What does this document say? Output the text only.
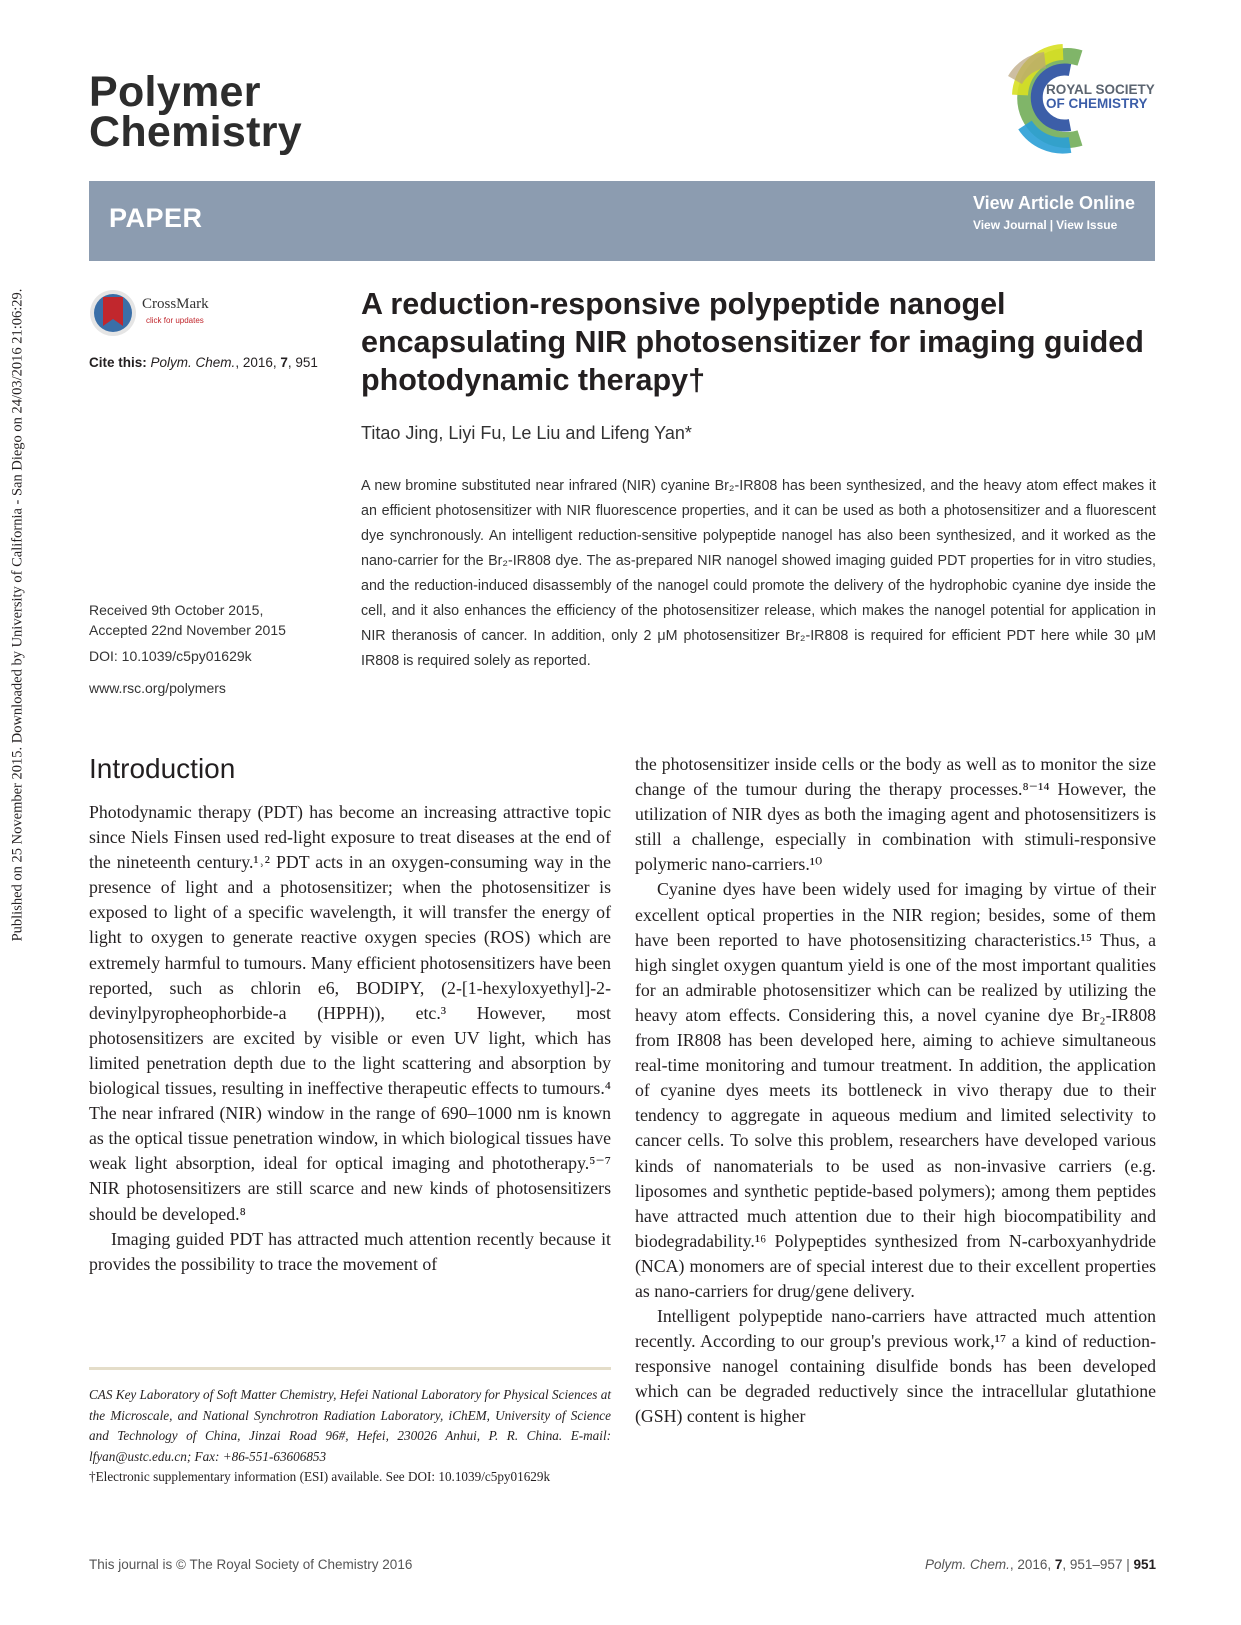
Published on 25 November 2015. Downloaded by University of California - San Diego on 24/03/2016 21:06:29.
Polymer
Chemistry
ROYAL SOCIETY
OF CHEMISTRY
PAPER	View Article Online
View Journal | View Issue
CrossMark
click for updates
Cite this: Polym. Chem., 2016, 7, 951
A reduction-responsive polypeptide nanogel encapsulating NIR photosensitizer for imaging guided photodynamic therapy†
Titao Jing, Liyi Fu, Le Liu and Lifeng Yan*
A new bromine substituted near infrared (NIR) cyanine Br₂-IR808 has been synthesized, and the heavy atom effect makes it an efficient photosensitizer with NIR fluorescence properties, and it can be used as both a photosensitizer and a fluorescent dye synchronously. An intelligent reduction-sensitive polypeptide nanogel has also been synthesized, and it worked as the nano-carrier for the Br₂-IR808 dye. The as-prepared NIR nanogel showed imaging guided PDT properties for in vitro studies, and the reduction-induced disassembly of the nanogel could promote the delivery of the hydrophobic cyanine dye inside the cell, and it also enhances the efficiency of the photosensitizer release, which makes the nanogel potential for application in NIR theranosis of cancer. In addition, only 2 μM photosensitizer Br₂-IR808 is required for efficient PDT here while 30 μM IR808 is required solely as reported.
Received 9th October 2015,
Accepted 22nd November 2015
DOI: 10.1039/c5py01629k
www.rsc.org/polymers
Introduction

Photodynamic therapy (PDT) has become an increasing attractive topic since Niels Finsen used red-light exposure to treat diseases at the end of the nineteenth century.¹˒² PDT acts in an oxygen-consuming way in the presence of light and a photosensitizer; when the photosensitizer is exposed to light of a specific wavelength, it will transfer the energy of light to oxygen to generate reactive oxygen species (ROS) which are extremely harmful to tumours. Many efficient photosensitizers have been reported, such as chlorin e6, BODIPY, (2-[1-hexyloxyethyl]-2-devinylpyropheophorbide-a (HPPH)), etc.³ However, most photosensitizers are excited by visible or even UV light, which has limited penetration depth due to the light scattering and absorption by biological tissues, resulting in ineffective therapeutic effects to tumours.⁴ The near infrared (NIR) window in the range of 690–1000 nm is known as the optical tissue penetration window, in which biological tissues have weak light absorption, ideal for optical imaging and phototherapy.⁵⁻⁷ NIR photosensitizers are still scarce and new kinds of photosensitizers should be developed.⁸

Imaging guided PDT has attracted much attention recently because it provides the possibility to trace the movement of

the photosensitizer inside cells or the body as well as to monitor the size change of the tumour during the therapy processes.⁸⁻¹⁴ However, the utilization of NIR dyes as both the imaging agent and photosensitizers is still a challenge, especially in combination with stimuli-responsive polymeric nano-carriers.¹⁰

Cyanine dyes have been widely used for imaging by virtue of their excellent optical properties in the NIR region; besides, some of them have been reported to have photosensitizing characteristics.¹⁵ Thus, a high singlet oxygen quantum yield is one of the most important qualities for an admirable photosensitizer which can be realized by utilizing the heavy atom effects. Considering this, a novel cyanine dye Br₂-IR808 from IR808 has been developed here, aiming to achieve simultaneous real-time monitoring and tumour treatment. In addition, the application of cyanine dyes meets its bottleneck in vivo therapy due to their tendency to aggregate in aqueous medium and limited selectivity to cancer cells. To solve this problem, researchers have developed various kinds of nanomaterials to be used as non-invasive carriers (e.g. liposomes and synthetic peptide-based polymers); among them peptides have attracted much attention due to their high biocompatibility and biodegradability.¹⁶ Polypeptides synthesized from N-carboxyanhydride (NCA) monomers are of special interest due to their excellent properties as nano-carriers for drug/gene delivery.

Intelligent polypeptide nano-carriers have attracted much attention recently. According to our group's previous work,¹⁷ a kind of reduction-responsive nanogel containing disulfide bonds has been developed which can be degraded reductively since the intracellular glutathione (GSH) content is higher

CAS Key Laboratory of Soft Matter Chemistry, Hefei National Laboratory for Physical Sciences at the Microscale, and National Synchrotron Radiation Laboratory, iChEM, University of Science and Technology of China, Jinzai Road 96#, Hefei, 230026 Anhui, P. R. China. E-mail: lfyan@ustc.edu.cn; Fax: +86-551-63606853
†Electronic supplementary information (ESI) available. See DOI: 10.1039/c5py01629k
This journal is © The Royal Society of Chemistry 2016	Polym. Chem., 2016, 7, 951–957 | 951
